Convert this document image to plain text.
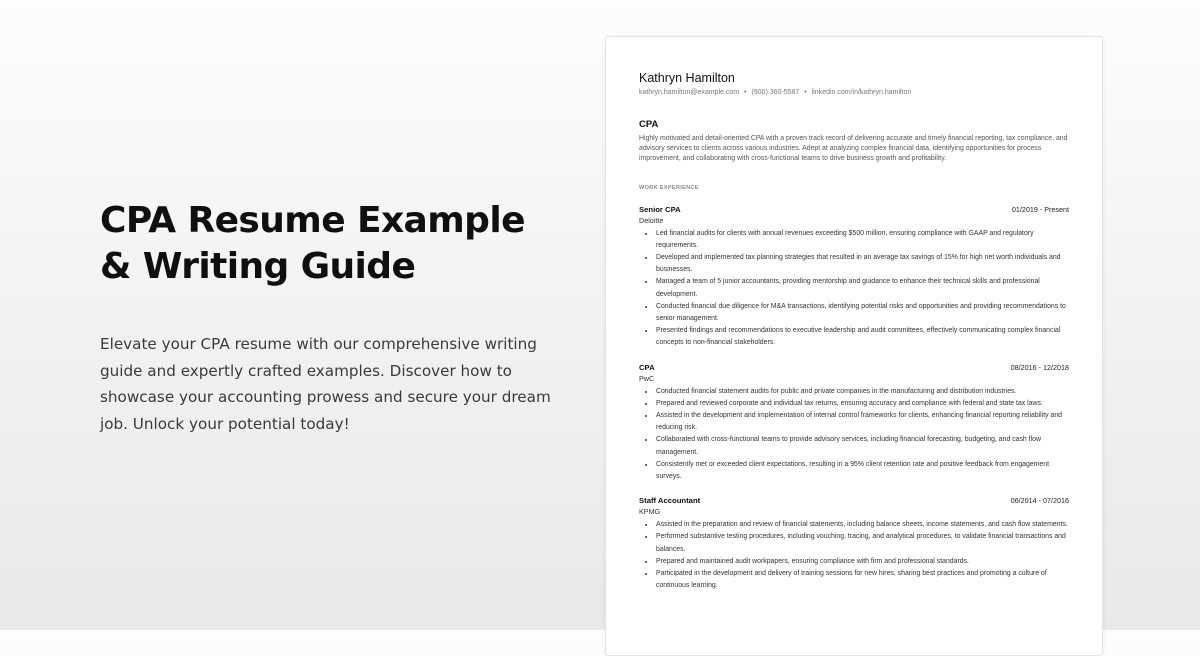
CPA Resume Example
& Writing Guide

Elevate your CPA resume with our comprehensive writing guide and expertly crafted examples. Discover how to showcase your accounting prowess and secure your dream job. Unlock your potential today!

Kathryn Hamilton
kathryn.hamilton@example.com • (900) 360-5587 • linkedin.com/in/kathryn.hamilton
CPA
Highly motivated and detail-oriented CPA with a proven track record of delivering accurate and timely financial reporting, tax compliance, and advisory services to clients across various industries. Adept at analyzing complex financial data, identifying opportunities for process improvement, and collaborating with cross-functional teams to drive business growth and profitability.
WORK EXPERIENCE
Senior CPA	01/2019 - Present
Deloitte
• Led financial audits for clients with annual revenues exceeding $500 million, ensuring compliance with GAAP and regulatory requirements.
• Developed and implemented tax planning strategies that resulted in an average tax savings of 15% for high net worth individuals and businesses.
• Managed a team of 5 junior accountants, providing mentorship and guidance to enhance their technical skills and professional development.
• Conducted financial due diligence for M&A transactions, identifying potential risks and opportunities and providing recommendations to senior management.
• Presented findings and recommendations to executive leadership and audit committees, effectively communicating complex financial concepts to non-financial stakeholders.
CPA	08/2016 - 12/2018
PwC
• Conducted financial statement audits for public and private companies in the manufacturing and distribution industries.
• Prepared and reviewed corporate and individual tax returns, ensuring accuracy and compliance with federal and state tax laws.
• Assisted in the development and implementation of internal control frameworks for clients, enhancing financial reporting reliability and reducing risk.
• Collaborated with cross-functional teams to provide advisory services, including financial forecasting, budgeting, and cash flow management.
• Consistently met or exceeded client expectations, resulting in a 95% client retention rate and positive feedback from engagement surveys.
Staff Accountant	06/2014 - 07/2016
KPMG
• Assisted in the preparation and review of financial statements, including balance sheets, income statements, and cash flow statements.
• Performed substantive testing procedures, including vouching, tracing, and analytical procedures, to validate financial transactions and balances.
• Prepared and maintained audit workpapers, ensuring compliance with firm and professional standards.
• Participated in the development and delivery of training sessions for new hires, sharing best practices and promoting a culture of continuous learning.
